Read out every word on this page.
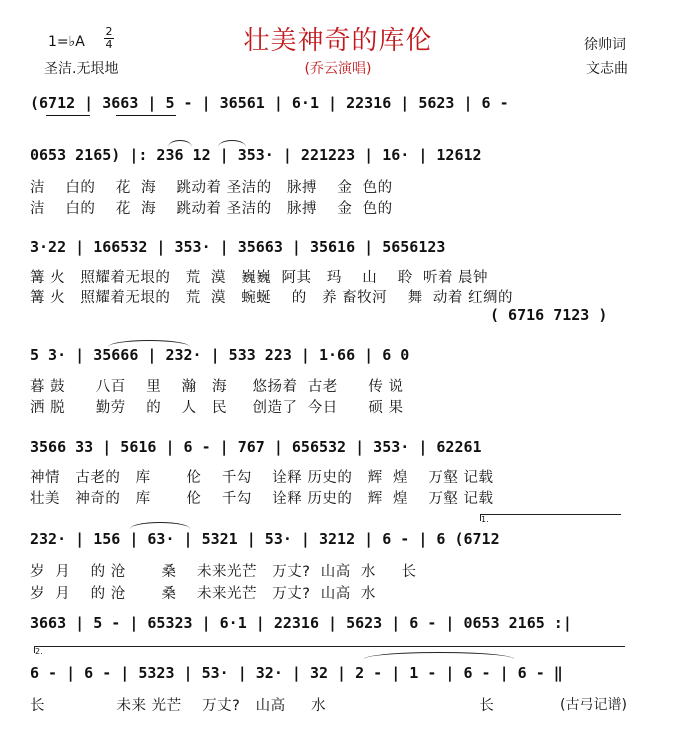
壮美神奇的库伦
(乔云演唱)
1=♭A
2
4
圣洁.无垠地
徐帅词
文志曲
(6712 | 3663 | 5 - | 36561 | 6·1 | 22316 | 5623 | 6 -
0653 2165) |: 236 12 | 353· | 221223 | 16· | 12612
洁    白的    花  海    跳动着 圣洁的   脉搏    金  色的
洁    白的    花  海    跳动着 圣洁的   脉搏    金  色的
3·22 | 166532 | 353· | 35663 | 35616 | 5656123
篝 火   照耀着无垠的   荒  漠   巍巍  阿其   玛    山    聆  听着 晨钟
篝 火   照耀着无垠的   荒  漠   蜿蜒    的   养 畜牧河    舞  动着 红绸的
( 6716 7123 )
5 3· | 35666 | 232· | 533 223 | 1·66 | 6 0
暮 鼓      八百    里    瀚   海     悠扬着  古老      传 说
洒 脱      勤劳    的    人   民     创造了  今日      硕 果
3566 33 | 5616 | 6 - | 767 | 656532 | 353· | 62261
神情   古老的   库       伦    千勾    诠释 历史的   辉  煌    万壑 记载
壮美   神奇的   库       伦    千勾    诠释 历史的   辉  煌    万壑 记载
1.
232· | 156 | 63· | 5321 | 53· | 3212 | 6 - | 6 (6712
岁  月    的 沧       桑    未来光芒   万丈?  山高  水     长
岁  月    的 沧       桑    未来光芒   万丈?  山高  水
3663 | 5 - | 65323 | 6·1 | 22316 | 5623 | 6 - | 0653 2165 :|
2.
6 - | 6 - | 5323 | 53· | 32· | 32 | 2 - | 1 - | 6 - | 6 - ‖
长              未来 光芒    万丈?   山高     水                              长	(古弓记谱)
